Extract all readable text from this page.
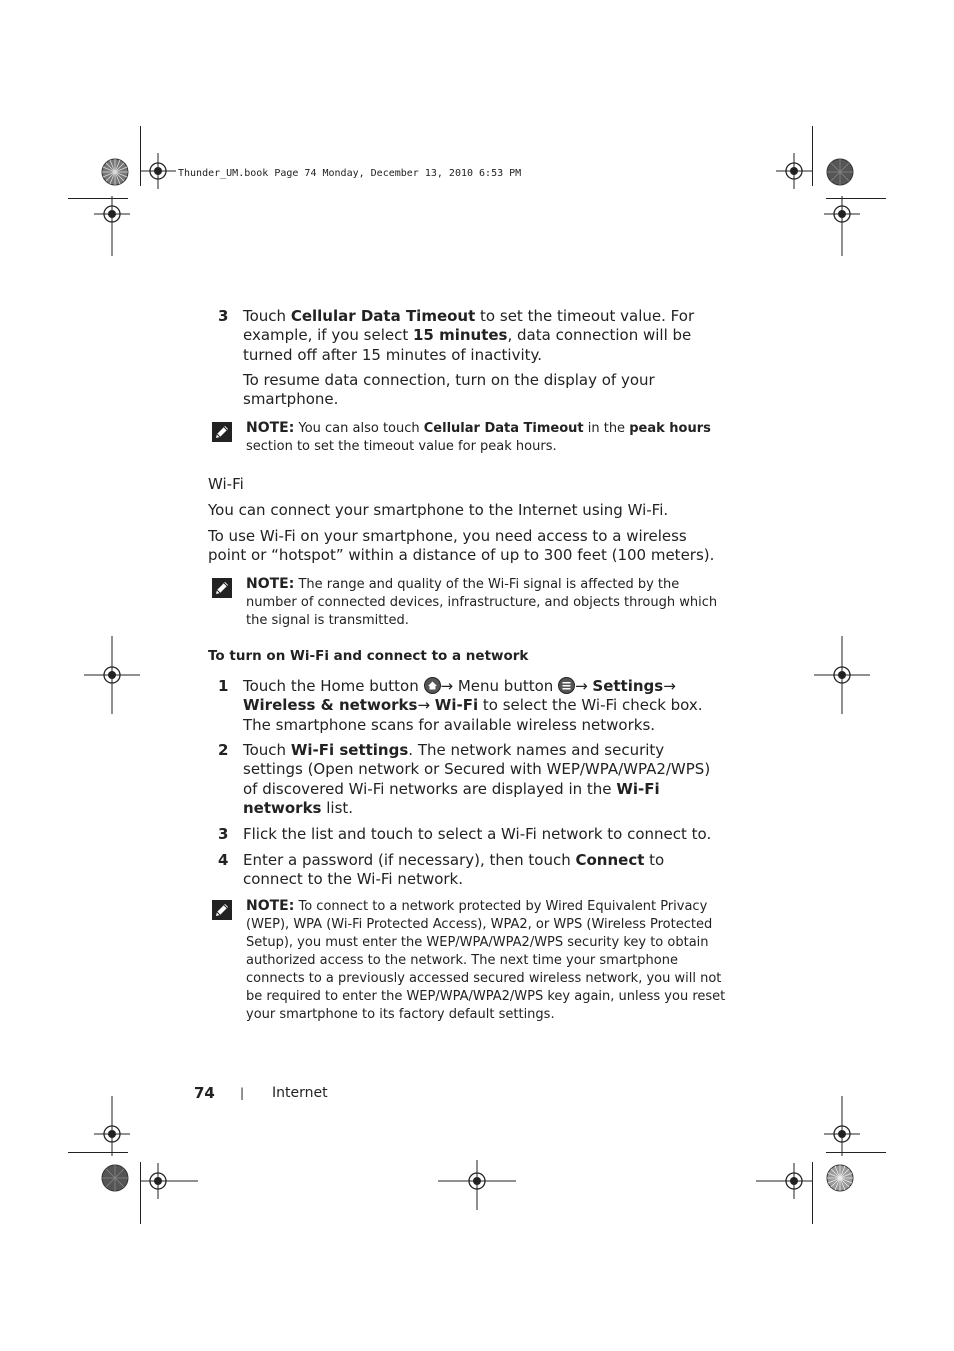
Thunder_UM.book Page 74 Monday, December 13, 2010 6:53 PM
3 Touch Cellular Data Timeout to set the timeout value. For example, if you select 15 minutes, data connection will be turned off after 15 minutes of inactivity.
To resume data connection, turn on the display of your smartphone.
NOTE: You can also touch Cellular Data Timeout in the peak hours section to set the timeout value for peak hours.
Wi-Fi
You can connect your smartphone to the Internet using Wi-Fi.
To use Wi-Fi on your smartphone, you need access to a wireless point or “hotspot” within a distance of up to 300 feet (100 meters).
NOTE: The range and quality of the Wi-Fi signal is affected by the number of connected devices, infrastructure, and objects through which the signal is transmitted.
To turn on Wi-Fi and connect to a network
1 Touch the Home button → Menu button → Settings→ Wireless & networks→ Wi-Fi to select the Wi-Fi check box. The smartphone scans for available wireless networks.
2 Touch Wi-Fi settings. The network names and security settings (Open network or Secured with WEP/WPA/WPA2/WPS) of discovered Wi-Fi networks are displayed in the Wi-Fi networks list.
3 Flick the list and touch to select a Wi-Fi network to connect to.
4 Enter a password (if necessary), then touch Connect to connect to the Wi-Fi network.
NOTE: To connect to a network protected by Wired Equivalent Privacy (WEP), WPA (Wi-Fi Protected Access), WPA2, or WPS (Wireless Protected Setup), you must enter the WEP/WPA/WPA2/WPS security key to obtain authorized access to the network. The next time your smartphone connects to a previously accessed secured wireless network, you will not be required to enter the WEP/WPA/WPA2/WPS key again, unless you reset your smartphone to its factory default settings.
74 | Internet
